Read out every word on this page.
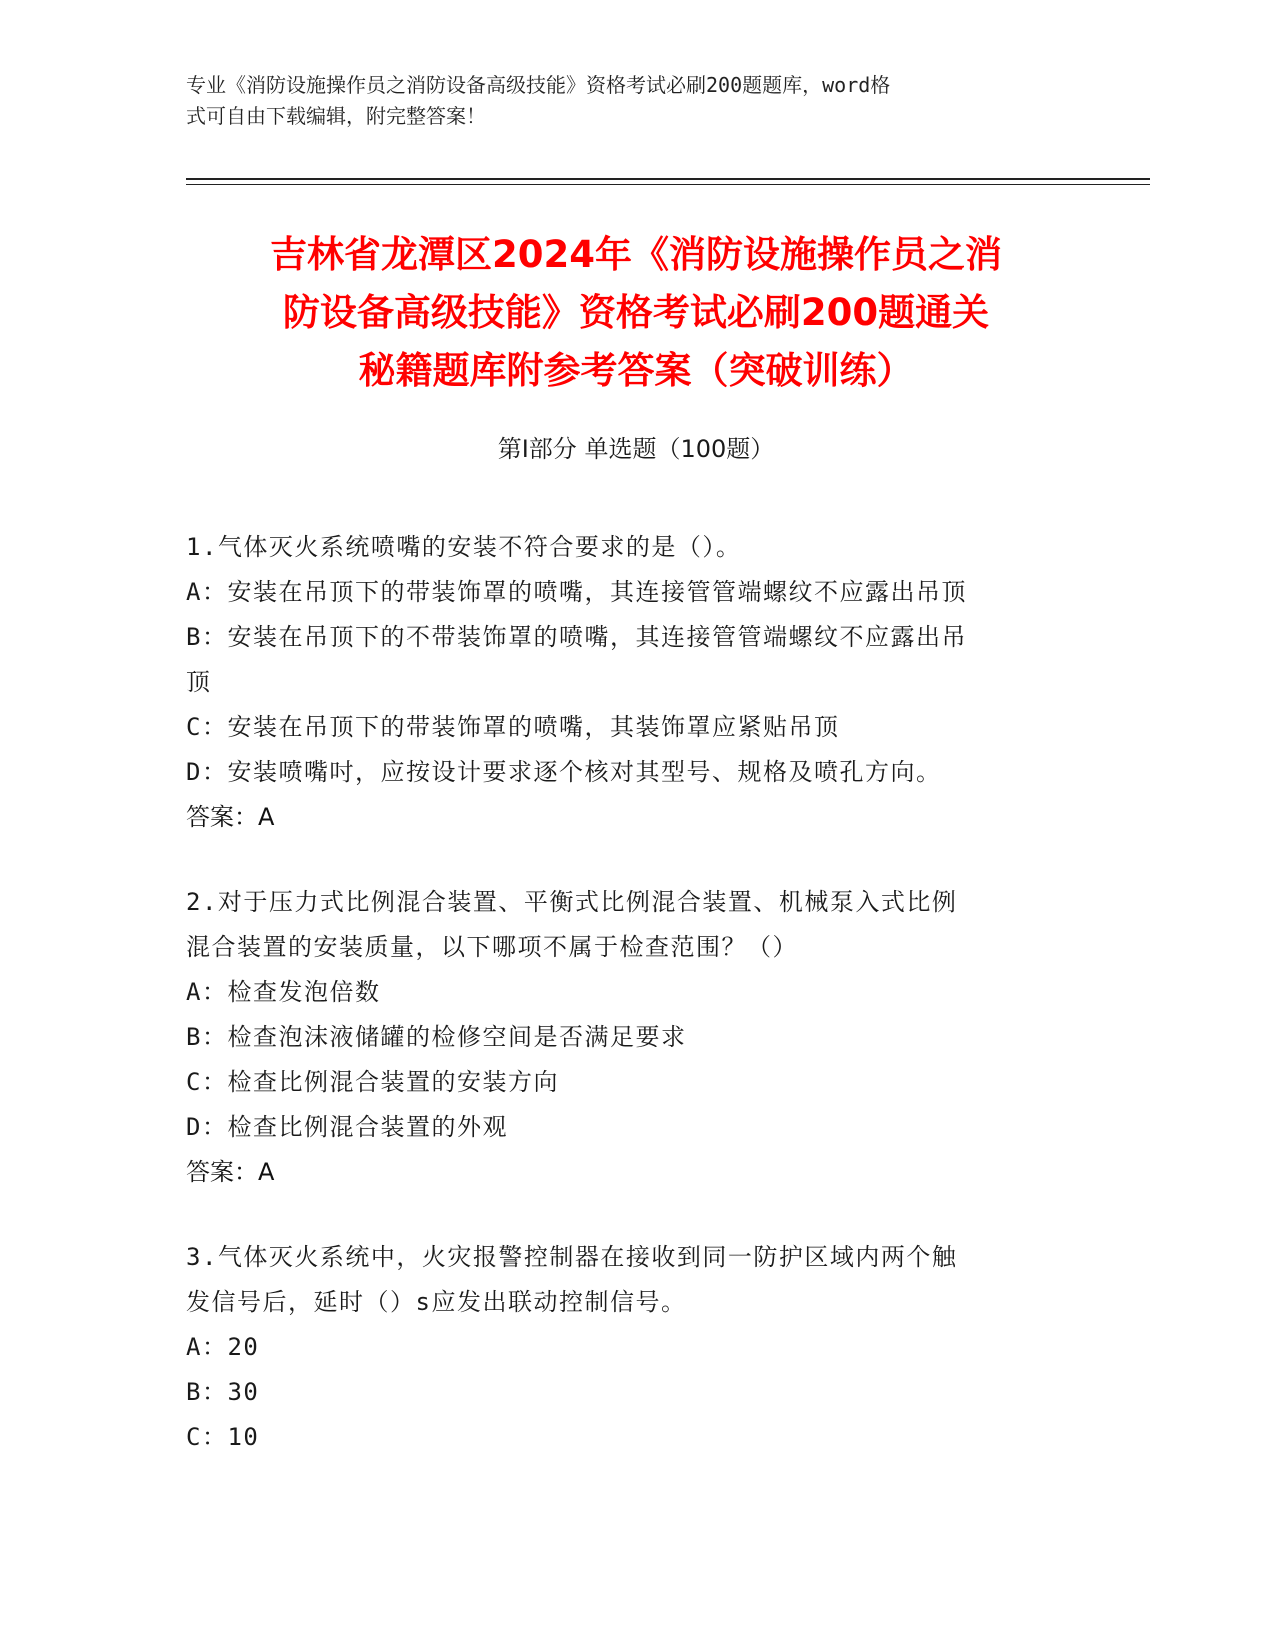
专业《消防设施操作员之消防设备高级技能》资格考试必刷200题题库，word格
式可自由下载编辑，附完整答案！
吉林省龙潭区2024年《消防设施操作员之消
防设备高级技能》资格考试必刷200题通关
秘籍题库附参考答案（突破训练）
第Ⅰ部分 单选题（100题）
1.气体灭火系统喷嘴的安装不符合要求的是（）。
A：安装在吊顶下的带装饰罩的喷嘴，其连接管管端螺纹不应露出吊顶
B：安装在吊顶下的不带装饰罩的喷嘴，其连接管管端螺纹不应露出吊
顶
C：安装在吊顶下的带装饰罩的喷嘴，其装饰罩应紧贴吊顶
D：安装喷嘴吋，应按设计要求逐个核对其型号、规格及喷孔方向。
答案：A
2.对于压力式比例混合装置、平衡式比例混合装置、机械泵入式比例
混合装置的安装质量，以下哪项不属于检查范围？（）
A：检查发泡倍数
B：检查泡沫液储罐的检修空间是否满足要求
C：检查比例混合装置的安装方向
D：检查比例混合装置的外观
答案：A
3.气体灭火系统中，火灾报警控制器在接收到同一防护区域内两个触
发信号后，延时（）s应发出联动控制信号。
A：20
B：30
C：10
